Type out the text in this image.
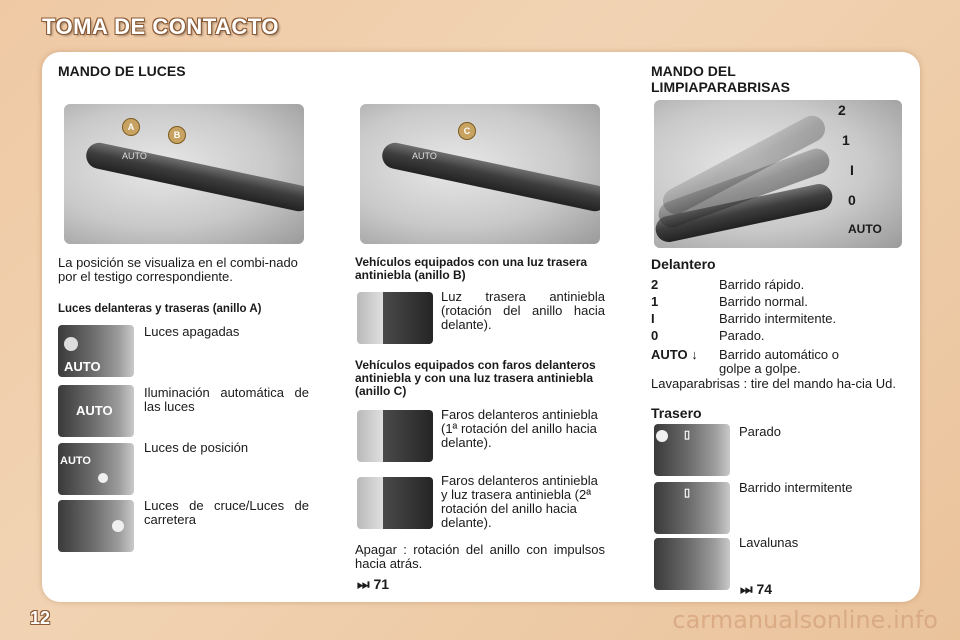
TOMA DE CONTACTO
MANDO DE LUCES
AUTO
A
B
AUTO
C
La posición se visualiza en el combi-nado por el testigo correspondiente.
Luces delanteras y traseras (anillo A)
AUTO
Luces apagadas
AUTO
Iluminación automática de las luces
AUTO
Luces de posición
Luces de cruce/Luces de carretera
Vehículos equipados con una luz trasera antiniebla (anillo B)
Luz trasera antiniebla (rotación del anillo hacia delante).
Vehículos equipados con faros delanteros antiniebla y con una luz trasera antiniebla (anillo C)
Faros delanteros antiniebla (1ª rotación del anillo hacia delante).
Faros delanteros antiniebla y luz trasera antiniebla (2ª rotación del anillo hacia delante).
Apagar : rotación del anillo con impulsos hacia atrás.
⏭ 71
MANDO DEL
LIMPIAPARABRISAS
2
1
I
0
AUTO
Delantero
2	Barrido rápido.
1	Barrido normal.
I	Barrido intermitente.
0	Parado.
AUTO ↓	Barrido automático o golpe a golpe.
Lavaparabrisas : tire del mando ha-cia Ud.
Trasero
▯	Parado
▯	Barrido intermitente
Lavalunas
⏭ 74
12	carmanualsonline.info
